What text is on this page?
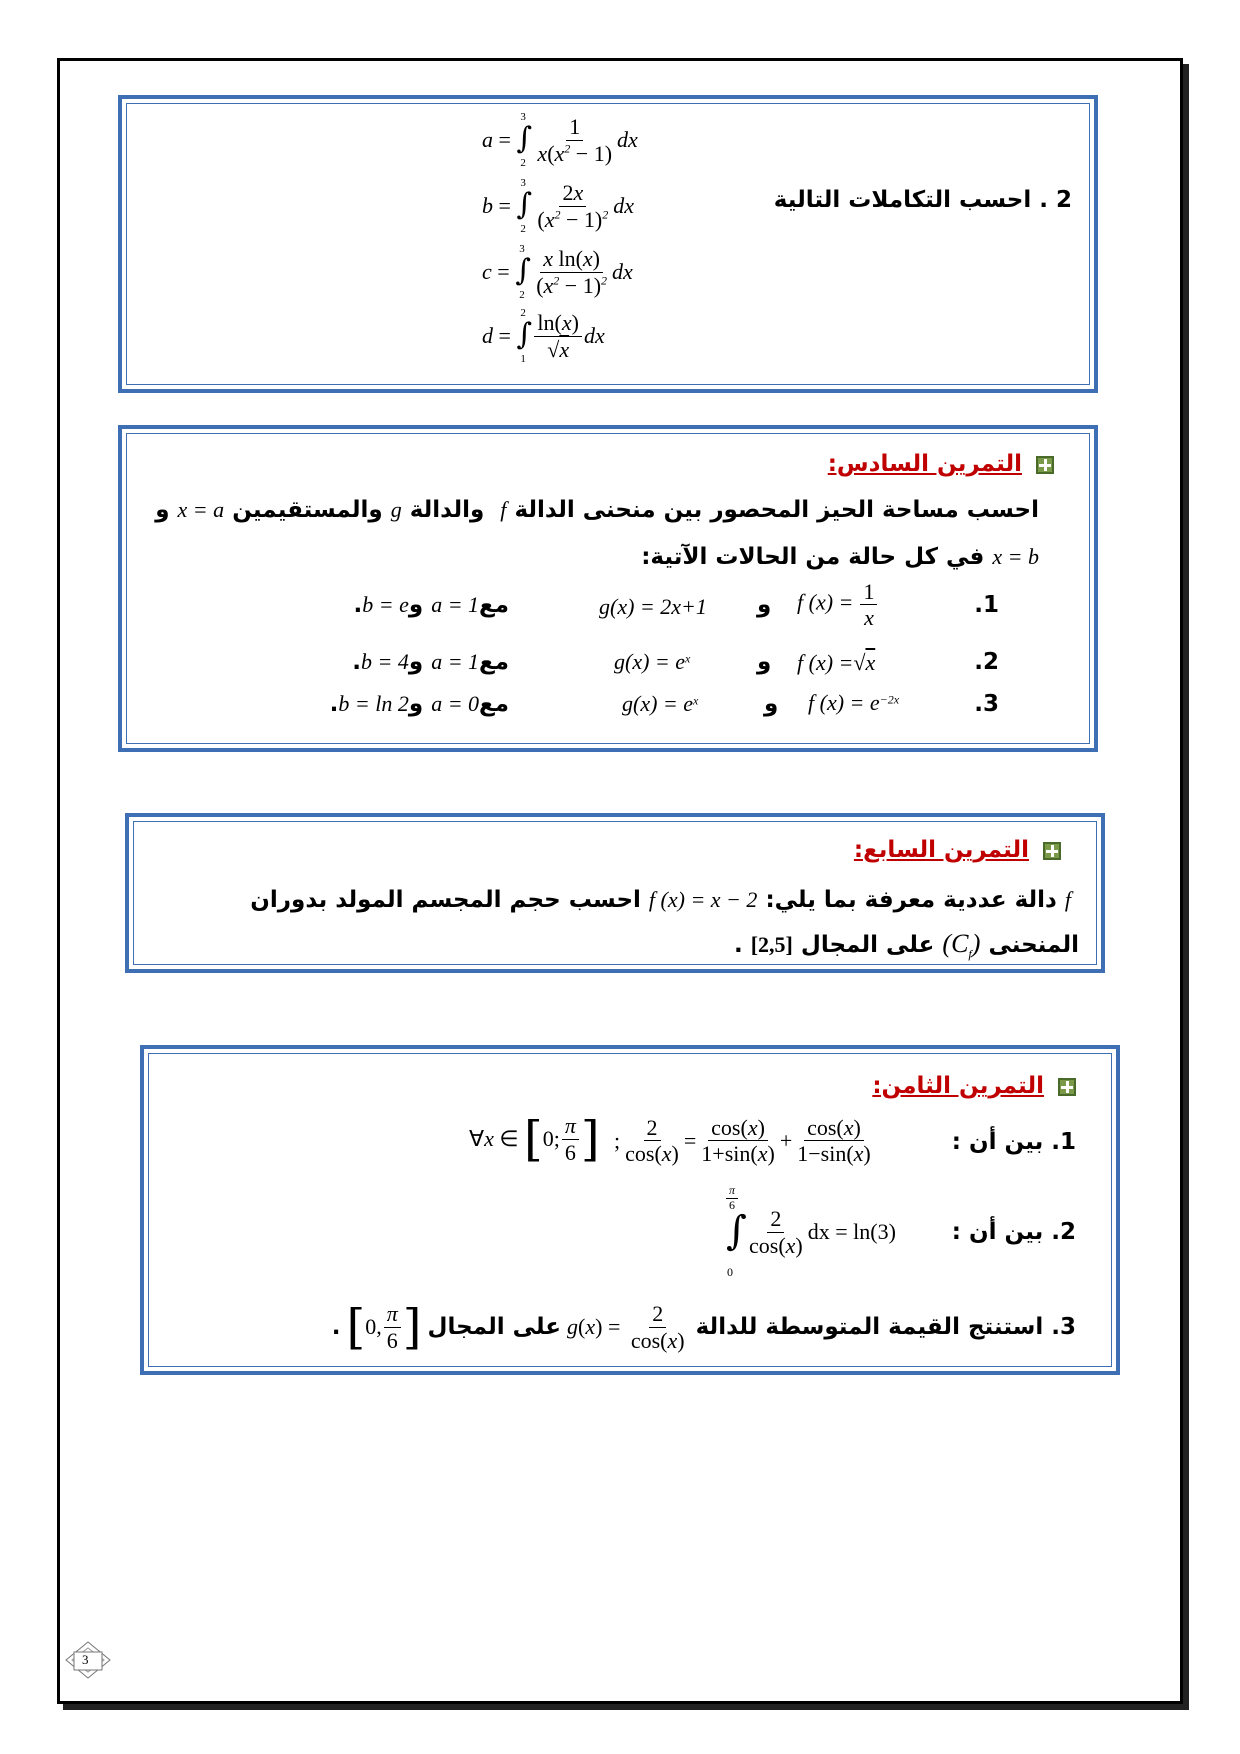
2 . احسب التكاملات التالية
a =
3
∫
$2 \frac{1}{x(x^2 - 1)}$ dx
b =
3
∫
$2 \frac{2x}{(x^2 - 1)^2}$ dx
c =
3
∫
$2 \frac{\text{x ln(x)}}{(x^2 - 1)^2}$ dx
d =
2
∫
$1 \frac{\ln(x)}{√x}$ dx
التمرين السادس:
احسب مساحة الحيز المحصور بين منحنى الدالة f  والدالة g والمستقيمين x = a و
x = b في كل حالة من الحالات الآتية:
1.
f $(x) = \frac{1}{x}$
و
g(x) = 2x+1
معa = 1 وb = e.
2.
f (x) =√x
و
$g(x) = e^x$
معa = 1 وb = 4.
3.
f $(x) = e^{-2x}$
و
$g(x) = e^x$
معa = 0 وb = ln 2.
التمرين السابع:
f دالة عددية معرفة بما يلي: f (x) = x − 2 احسب حجم المجسم المولد بدوران
المنحنى $(C_f)$ على المجال [2,5] .
التمرين الثامن:
1. بين أن :
; $\frac{2}{\cos(x)} = \frac{\cos(x)}{1+\sin(x)} + \frac{\cos(x)}{1-\sin(x)}$
∀ x ∈ [ 0; $\frac{\pi}{6}$ ]
2. بين أن :
$\frac{\pi}{6}$
∫
0
$\frac{2}{\cos(x)}$ dx = ln(3)
3.

استنتج القيمة المتوسطة للدالة
g ( x ) = $\frac{2}{\cos(x)}$
على المجال
[ 0, $\frac{\pi}{6}$ ]
.
3
